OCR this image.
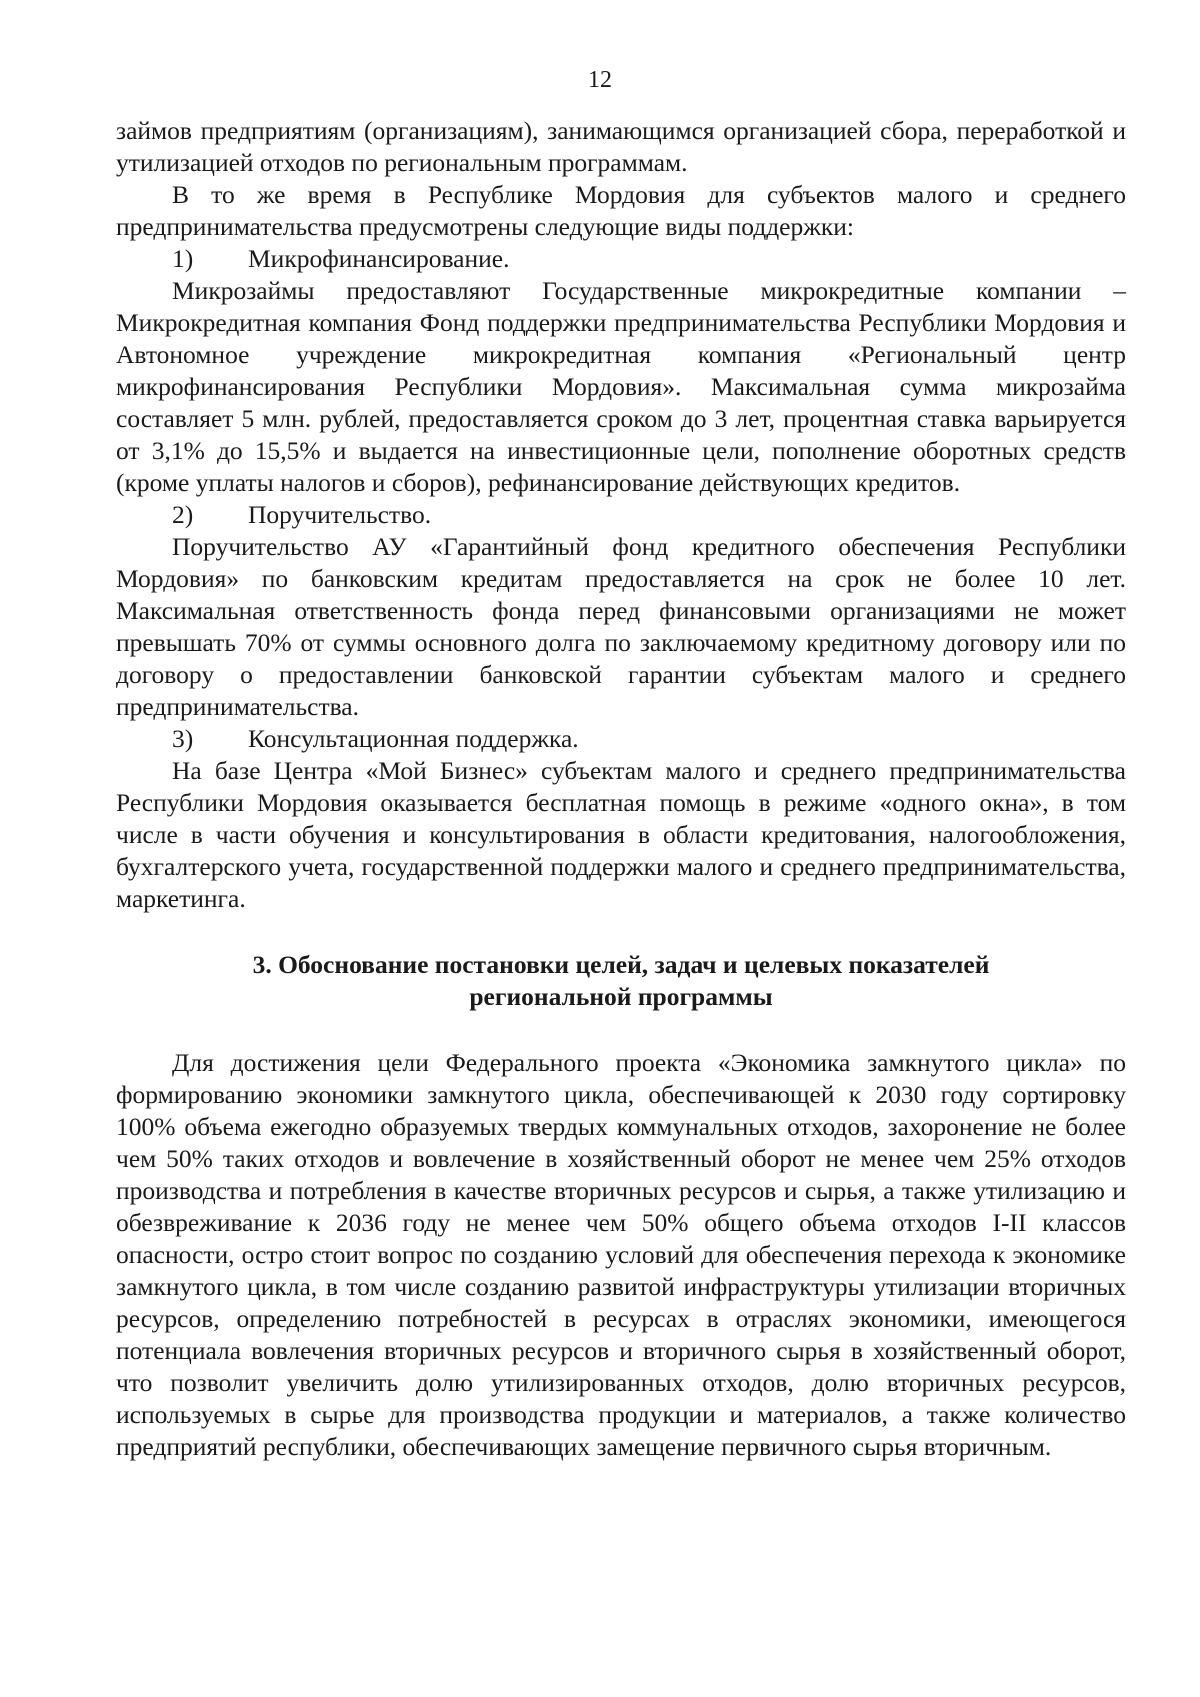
12

займов предприятиям (организациям), занимающимся организацией сбора, переработкой и утилизацией отходов по региональным программам.

В то же время в Республике Мордовия для субъектов малого и среднего предпринимательства предусмотрены следующие виды поддержки:

1)	Микрофинансирование.

Микрозаймы предоставляют Государственные микрокредитные компании – Микрокредитная компания Фонд поддержки предпринимательства Республики Мордовия и Автономное учреждение микрокредитная компания «Региональный центр микрофинансирования Республики Мордовия». Максимальная сумма микрозайма составляет 5 млн. рублей, предоставляется сроком до 3 лет, процентная ставка варьируется от 3,1% до 15,5% и выдается на инвестиционные цели, пополнение оборотных средств (кроме уплаты налогов и сборов), рефинансирование действующих кредитов.

2)	Поручительство.

Поручительство АУ «Гарантийный фонд кредитного обеспечения Республики Мордовия» по банковским кредитам предоставляется на срок не более 10 лет. Максимальная ответственность фонда перед финансовыми организациями не может превышать 70% от суммы основного долга по заключаемому кредитному договору или по договору о предоставлении банковской гарантии субъектам малого и среднего предпринимательства.

3)	Консультационная поддержка.

На базе Центра «Мой Бизнес» субъектам малого и среднего предпринимательства Республики Мордовия оказывается бесплатная помощь в режиме «одного окна», в том числе в части обучения и консультирования в области кредитования, налогообложения, бухгалтерского учета, государственной поддержки малого и среднего предпринимательства, маркетинга.

3. Обоснование постановки целей, задач и целевых показателей
региональной программы

Для достижения цели Федерального проекта «Экономика замкнутого цикла» по формированию экономики замкнутого цикла, обеспечивающей к 2030 году сортировку 100% объема ежегодно образуемых твердых коммунальных отходов, захоронение не более чем 50% таких отходов и вовлечение в хозяйственный оборот не менее чем 25% отходов производства и потребления в качестве вторичных ресурсов и сырья, а также утилизацию и обезвреживание к 2036 году не менее чем 50% общего объема отходов I-II классов опасности, остро стоит вопрос по созданию условий для обеспечения перехода к экономике замкнутого цикла, в том числе созданию развитой инфраструктуры утилизации вторичных ресурсов, определению потребностей в ресурсах в отраслях экономики, имеющегося потенциала вовлечения вторичных ресурсов и вторичного сырья в хозяйственный оборот, что позволит увеличить долю утилизированных отходов, долю вторичных ресурсов, используемых в сырье для производства продукции и материалов, а также количество предприятий республики, обеспечивающих замещение первичного сырья вторичным.
